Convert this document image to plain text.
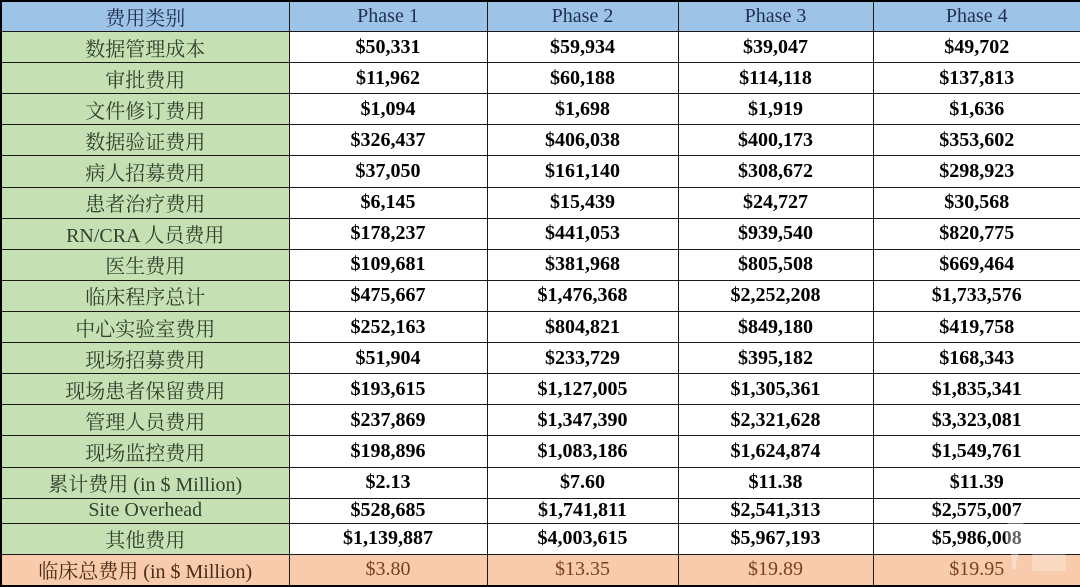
费用类别	Phase 1	Phase 2	Phase 3	Phase 4
数据管理成本	$50,331	$59,934	$39,047	$49,702
审批费用	$11,962	$60,188	$114,118	$137,813
文件修订费用	$1,094	$1,698	$1,919	$1,636
数据验证费用	$326,437	$406,038	$400,173	$353,602
病人招募费用	$37,050	$161,140	$308,672	$298,923
患者治疗费用	$6,145	$15,439	$24,727	$30,568
RN/CRA 人员费用	$178,237	$441,053	$939,540	$820,775
医生费用	$109,681	$381,968	$805,508	$669,464
临床程序总计	$475,667	$1,476,368	$2,252,208	$1,733,576
中心实验室费用	$252,163	$804,821	$849,180	$419,758
现场招募费用	$51,904	$233,729	$395,182	$168,343
现场患者保留费用	$193,615	$1,127,005	$1,305,361	$1,835,341
管理人员费用	$237,869	$1,347,390	$2,321,628	$3,323,081
现场监控费用	$198,896	$1,083,186	$1,624,874	$1,549,761
累计费用 (in $ Million)	$2.13	$7.60	$11.38	$11.39
Site Overhead	$528,685	$1,741,811	$2,541,313	$2,575,007
其他费用	$1,139,887	$4,003,615	$5,967,193	$5,986,008
临床总费用 (in $ Million)	$3.80	$13.35	$19.89	$19.95
